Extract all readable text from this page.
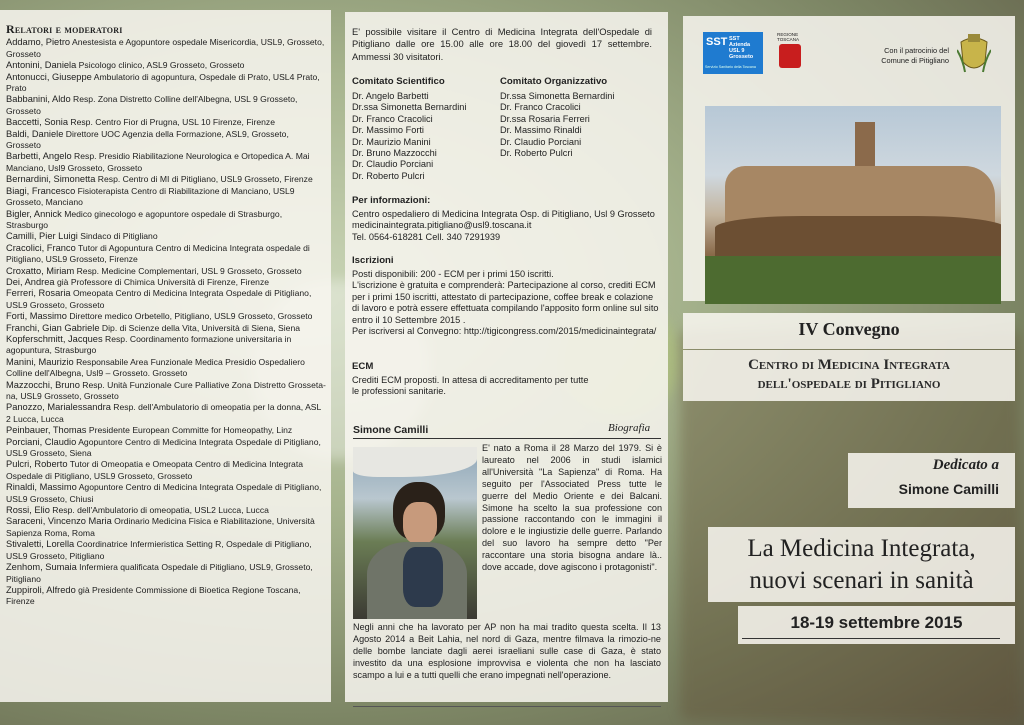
Relatori e moderatori
Addamo, Pietro Anestesista e Agopuntore ospedale Misericordia, USL9, Grosseto, Grosseto
Antonini, Daniela Psicologo clinico, ASL9 Grosseto, Grosseto
Antonucci, Giuseppe Ambulatorio di agopuntura, Ospedale di Prato, USL4 Prato, Prato
Babbanini, Aldo Resp. Zona Distretto Colline dell'Albegna, USL 9 Grosseto, Grosseto
Baccetti, Sonia Resp. Centro Fior di Prugna, USL 10 Firenze, Firenze
Baldi, Daniele Direttore UOC Agenzia della Formazione, ASL9, Grosseto, Grosseto
Barbetti, Angelo Resp. Presidio Riabilitazione Neurologica e Ortopedica A. Mai Manciano, Usl9 Grosseto, Grosseto
Bernardini, Simonetta Resp. Centro di MI di Pitigliano, USL9 Grosseto, Firenze
Biagi, Francesco Fisioterapista Centro di Riabilitazione di Manciano, USL9 Grosseto, Manciano
Bigler, Annick Medico ginecologo e agopuntore ospedale di Strasburgo, Strasburgo
Camilli, Pier Luigi Sindaco di Pitigliano
Cracolici, Franco Tutor di Agopuntura Centro di Medicina Integrata ospedale di Pitigliano, USL9 Grosseto, Firenze
Croxatto, Miriam Resp. Medicine Complementari, USL 9 Grosseto, Grosseto
Dei, Andrea già Professore di Chimica Università di Firenze, Firenze
Ferreri, Rosaria Omeopata Centro di Medicina Integrata Ospedale di Pitigliano, USL9 Grosseto, Grosseto
Forti, Massimo Direttore medico Orbetello, Pitigliano, USL9 Grosseto, Grosseto
Franchi, Gian Gabriele Dip. di Scienze della Vita, Università di Siena, Siena
Kopferschmitt, Jacques Resp. Coordinamento formazione universitaria in agopuntura, Strasburgo
Manini, Maurizio Responsabile Area Funzionale Medica Presidio Ospedaliero Colline dell'Albegna, Usl9 – Grosseto. Grosseto
Mazzocchi, Bruno Resp. Unità Funzionale Cure Palliative Zona Distretto Grosseta-na, USL9 Grosseto, Grosseto
Panozzo, Marialessandra Resp. dell'Ambulatorio di omeopatia per la donna, ASL 2 Lucca, Lucca
Peinbauer, Thomas Presidente European Committe for Homeopathy, Linz
Porciani, Claudio Agopuntore Centro di Medicina Integrata Ospedale di Pitigliano, USL9 Grosseto, Siena
Pulcri, Roberto Tutor di Omeopatia e Omeopata Centro di Medicina Integrata Ospedale di Pitigliano, USL9 Grosseto, Grosseto
Rinaldi, Massimo Agopuntore Centro di Medicina Integrata Ospedale di Pitigliano, USL9 Grosseto, Chiusi
Rossi, Elio Resp. dell'Ambulatorio di omeopatia, USL2 Lucca, Lucca
Saraceni, Vincenzo Maria Ordinario Medicina Fisica e Riabilitazione, Università Sapienza Roma, Roma
Stivaletti, Lorella Coordinatrice Infermieristica Setting R, Ospedale di Pitigliano, USL9 Grosseto, Pitigliano
Zenhom, Sumaia Infermiera qualificata Ospedale di Pitigliano, USL9, Grosseto, Pitigliano
Zuppiroli, Alfredo già Presidente Commissione di Bioetica Regione Toscana, Firenze
E' possibile visitare il Centro di Medicina Integrata dell'Ospedale di Pitigliano dalle ore 15.00 alle ore 18.00 del giovedì 17 settembre. Ammessi 30 visitatori.
Comitato Scientifico
Dr. Angelo Barbetti
Dr.ssa Simonetta Bernardini
Dr. Franco Cracolici
Dr. Massimo Forti
Dr. Maurizio Manini
Dr. Bruno Mazzocchi
Dr. Claudio Porciani
Dr. Roberto Pulcri
Comitato Organizzativo
Dr.ssa Simonetta Bernardini
Dr. Franco Cracolici
Dr.ssa Rosaria Ferreri
Dr. Massimo Rinaldi
Dr. Claudio Porciani
Dr. Roberto Pulcri
Per informazioni:
Centro ospedaliero di Medicina Integrata Osp. di Pitigliano, Usl 9 Grosseto
medicinaintegrata.pitigliano@usl9.toscana.it
Tel. 0564-618281 Cell. 340 7291939
Iscrizioni
Posti disponibili: 200 - ECM per i primi 150 iscritti.
L'iscrizione è gratuita e comprenderà: Partecipazione al corso, crediti ECM per i primi 150 iscritti, attestato di partecipazione, coffee break e colazione di lavoro e potrà essere effettuata compilando l'apposito form online sul sito entro il 10 Settembre 2015 .
Per iscriversi al Convegno: http://tigicongress.com/2015/medicinaintegrata/
ECM
Crediti ECM proposti. In attesa di accreditamento per tutte le professioni sanitarie.
Simone Camilli	Biografia
E' nato a Roma il 28 Marzo del 1979. Si è laureato nel 2006 in studi islamici all'Università "La Sapienza" di Roma. Ha seguito per l'Associated Press tutte le guerre del Medio Oriente e dei Balcani. Simone ha scelto la sua professione con passione raccontando con le immagini il dolore e le ingiustizie delle guerre. Parlando del suo lavoro ha sempre detto "Per raccontare una storia bisogna andare là.. dove accade, dove agiscono i protagonisti".
Negli anni che ha lavorato per AP non ha mai tradito questa scelta. Il 13 Agosto 2014 a Beit Lahia, nel nord di Gaza, mentre filmava la rimozio-ne delle bombe lanciate dagli aerei israeliani sulle case di Gaza, è stato investito da una esplosione improvvisa e violenta che non ha lasciato scampo a lui e a tutti quelli che erano impegnati nell'operazione.
SST SST Azienda USL 9 Grosseto
Servizio Sanitario della Toscana
REGIONE TOSCANA
Con il patrocinio del Comune di Pitigliano
IV Convegno
Centro di Medicina Integrata
dell'ospedale di Pitigliano
Dedicato a
Simone Camilli
La Medicina Integrata,
nuovi scenari in sanità
18-19 settembre 2015
